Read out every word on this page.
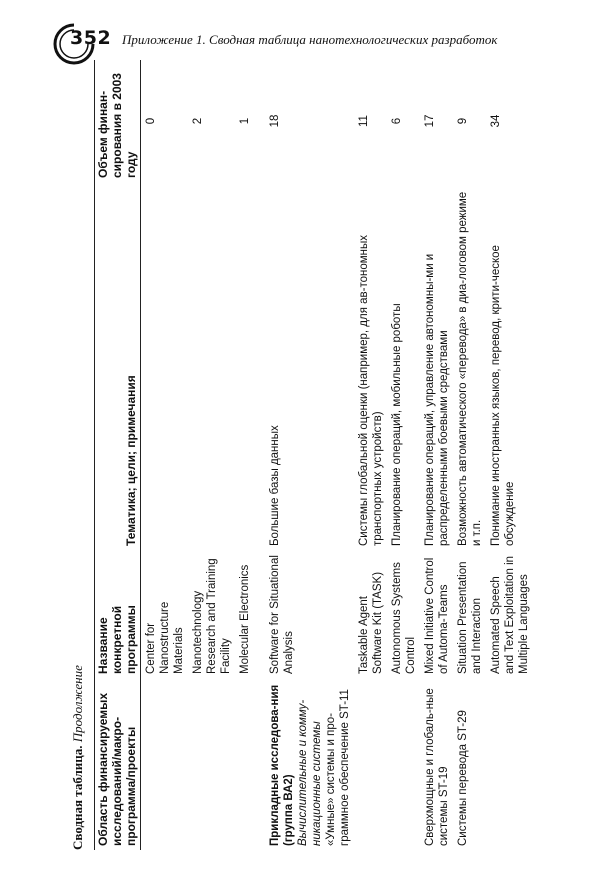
352 Приложение 1. Сводная таблица нанотехнологических разработок
Сводная таблица. Продолжение Область финансируемых исследований/макро-программа/проекты	Название конкретной программы	Тематика; цели; примечания	Объем финан-сирования в 2003 году
	Center for Nanostructure Materials		0
	Nanotechnology Research and Training Facility		2
	Molecular Electronics		1

Прикладные исследова-ния (группа ВА2) Вычислительные и комму-никационные системы «Умные» системы и про-граммное обеспечение ST-11	Software for Situational Analysis	Большие базы данных	18
	Taskable Agent Software Kit (TASK)	Системы глобальной оценки (например, для ав-тономных транспортных устройств)	11
	Autonomous Systems Control	Планирование операций, мобильные роботы	6
Сверхмощные и глобаль-ные системы ST-19	Mixed Initiative Control of Automa-Teams	Планирование операций, управление автономны-ми и распределенными боевыми средствами	17
Системы перевода ST-29	Situation Presentation and Interaction	Возможность автоматического «перевода» в диа-логовом режиме и т.п.	9
	Automated Speech and Text Exploitation in Multiple Languages	Понимание иностранных языков, перевод, крити-ческое обсуждение	34
